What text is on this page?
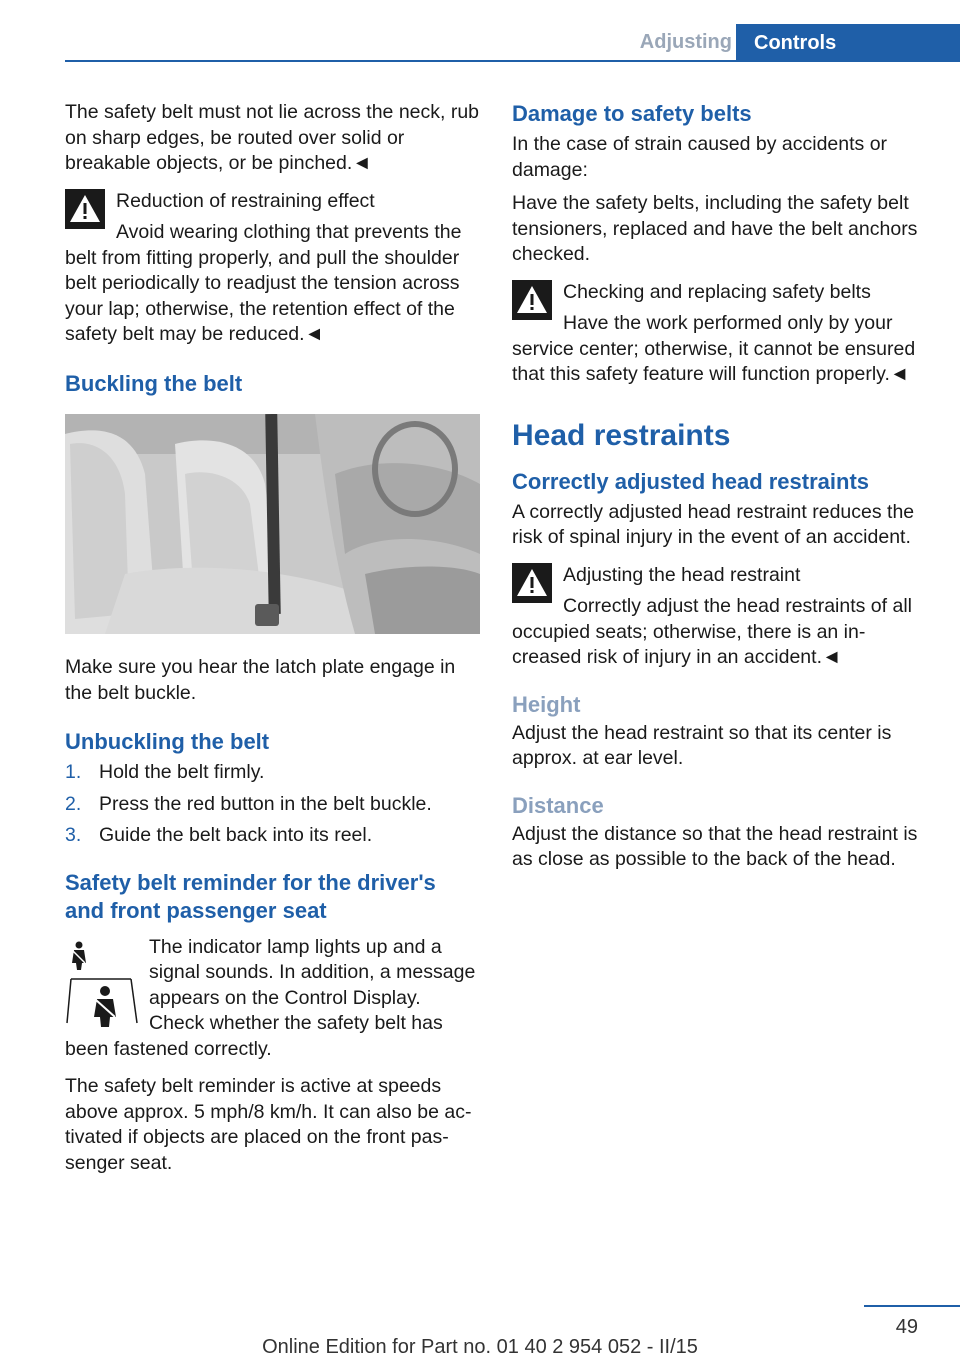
Adjusting	Controls

The safety belt must not lie across the neck, rub on sharp edges, be routed over solid or breakable objects, or be pinched.◄

Reduction of restraining effect
Avoid wearing clothing that prevents the belt from fitting properly, and pull the shoulder belt periodically to readjust the tension across your lap; otherwise, the retention effect of the safety belt may be reduced.◄
Buckling the belt

Make sure you hear the latch plate engage in the belt buckle.

Unbuckling the belt
1. Hold the belt firmly.
2. Press the red button in the belt buckle.
3. Guide the belt back into its reel.
Safety belt reminder for the driver's and front passenger seat
The indicator lamp lights up and a signal sounds. In addition, a message appears on the Control Display. Check whether the safety belt has been fastened correctly.

The safety belt reminder is active at speeds above approx. 5 mph/8 km/h. It can also be ac‐tivated if objects are placed on the front pas‐senger seat.

Damage to safety belts

In the case of strain caused by accidents or damage:

Have the safety belts, including the safety belt tensioners, replaced and have the belt anchors checked.

Checking and replacing safety belts
Have the work performed only by your service center; otherwise, it cannot be ensured that this safety feature will function properly.◄
Head restraints
Correctly adjusted head restraints

A correctly adjusted head restraint reduces the risk of spinal injury in the event of an accident.

Adjusting the head restraint
Correctly adjust the head restraints of all occupied seats; otherwise, there is an in‐creased risk of injury in an accident.◄
Height

Adjust the head restraint so that its center is approx. at ear level.

Distance

Adjust the distance so that the head restraint is as close as possible to the back of the head.

49
Online Edition for Part no. 01 40 2 954 052 - II/15
